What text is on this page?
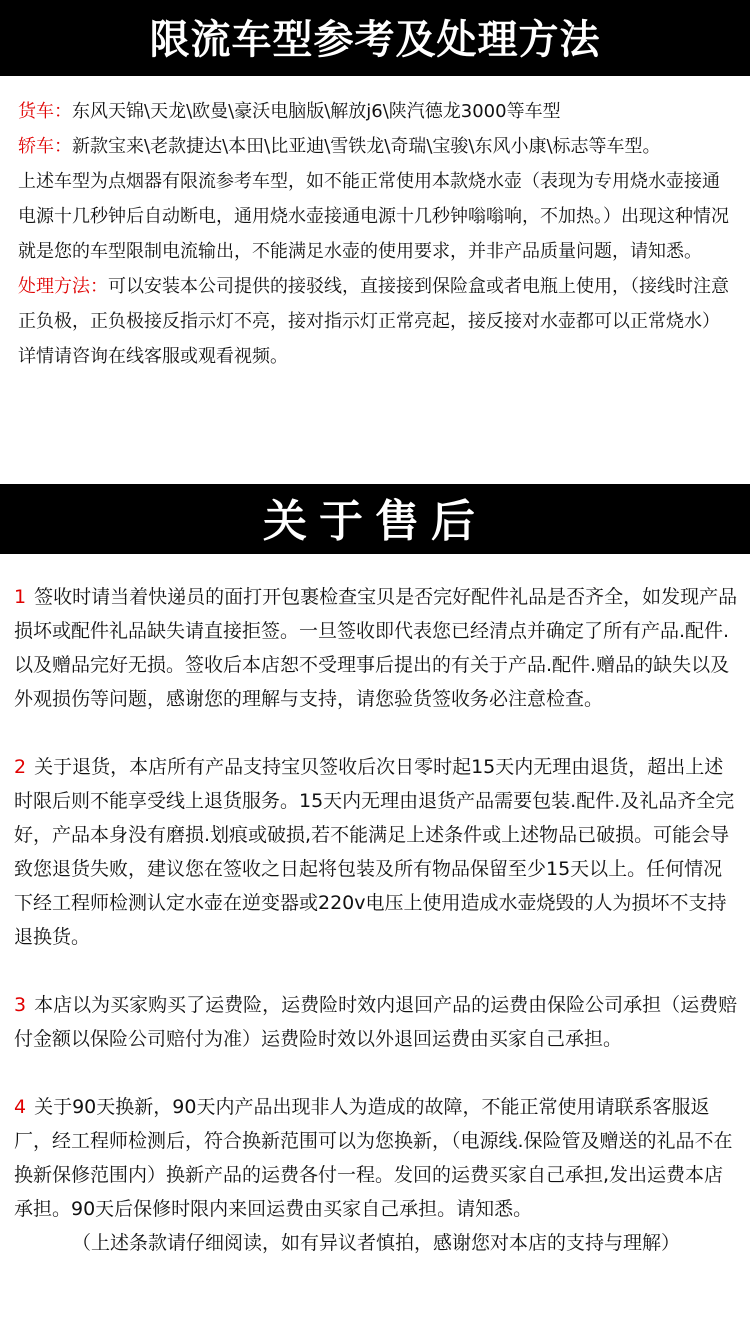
限流车型参考及处理方法

货车：东风天锦\天龙\欧曼\豪沃电脑版\解放j6\陕汽德龙3000等车型

轿车：新款宝来\老款捷达\本田\比亚迪\雪铁龙\奇瑞\宝骏\东风小康\标志等车型。

上述车型为点烟器有限流参考车型，如不能正常使用本款烧水壶（表现为专用烧水壶接通电源十几秒钟后自动断电，通用烧水壶接通电源十几秒钟嗡嗡响，不加热。）出现这种情况就是您的车型限制电流输出，不能满足水壶的使用要求，并非产品质量问题，请知悉。

处理方法：可以安装本公司提供的接驳线，直接接到保险盒或者电瓶上使用，（接线时注意正负极，正负极接反指示灯不亮，接对指示灯正常亮起，接反接对水壶都可以正常烧水）详情请咨询在线客服或观看视频。

关于售后

1 签收时请当着快递员的面打开包裹检查宝贝是否完好配件礼品是否齐全，如发现产品损坏或配件礼品缺失请直接拒签。一旦签收即代表您已经清点并确定了所有产品.配件.以及赠品完好无损。签收后本店恕不受理事后提出的有关于产品.配件.赠品的缺失以及外观损伤等问题，感谢您的理解与支持，请您验货签收务必注意检查。

2 关于退货，本店所有产品支持宝贝签收后次日零时起15天内无理由退货，超出上述时限后则不能享受线上退货服务。15天内无理由退货产品需要包装.配件.及礼品齐全完好，产品本身没有磨损.划痕或破损,若不能满足上述条件或上述物品已破损。可能会导致您退货失败，建议您在签收之日起将包装及所有物品保留至少15天以上。任何情况下经工程师检测认定水壶在逆变器或220v电压上使用造成水壶烧毁的人为损坏不支持退换货。

3 本店以为买家购买了运费险，运费险时效内退回产品的运费由保险公司承担（运费赔付金额以保险公司赔付为准）运费险时效以外退回运费由买家自己承担。

4 关于90天换新，90天内产品出现非人为造成的故障，不能正常使用请联系客服返厂，经工程师检测后，符合换新范围可以为您换新，（电源线.保险管及赠送的礼品不在换新保修范围内）换新产品的运费各付一程。发回的运费买家自己承担,发出运费本店承担。90天后保修时限内来回运费由买家自己承担。请知悉。

（上述条款请仔细阅读，如有异议者慎拍，感谢您对本店的支持与理解）
